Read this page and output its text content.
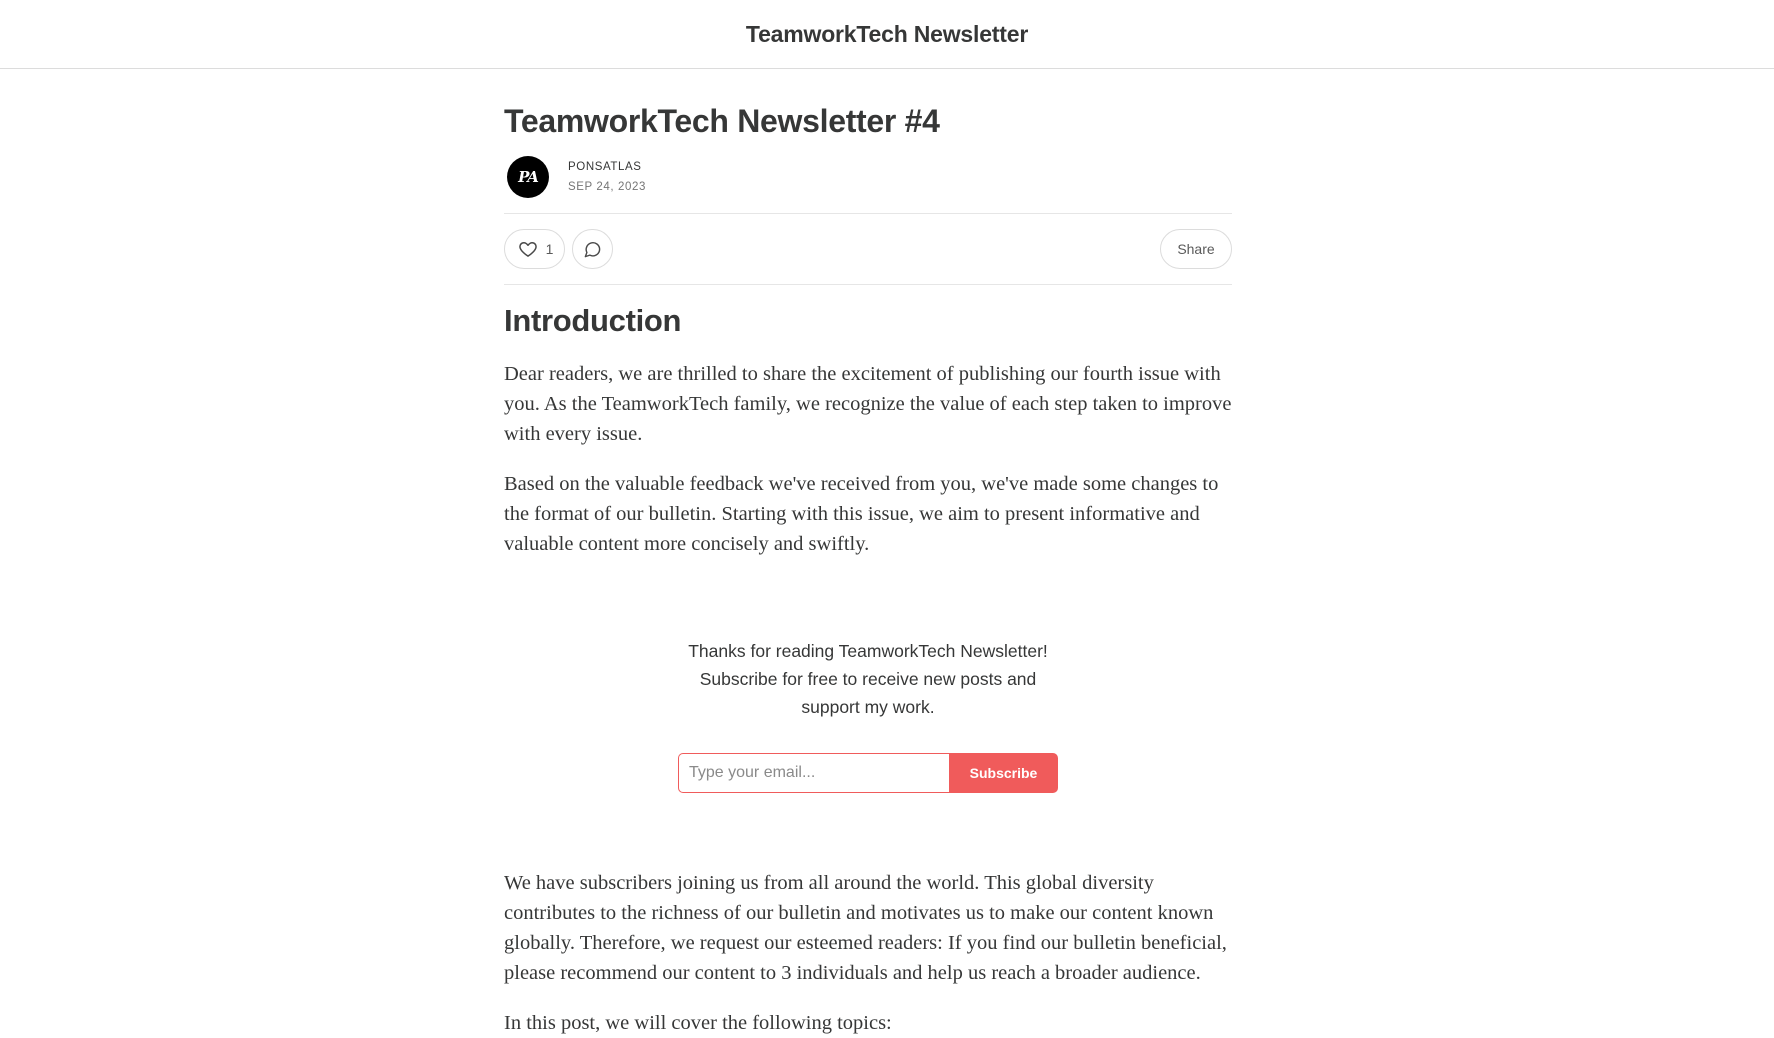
TeamworkTech Newsletter
TeamworkTech Newsletter #4
PA
PONSATLAS
SEP 24, 2023
1	Share
Introduction

Dear readers, we are thrilled to share the excitement of publishing our fourth issue with you. As the TeamworkTech family, we recognize the value of each step taken to improve with every issue.

Based on the valuable feedback we've received from you, we've made some changes to the format of our bulletin. Starting with this issue, we aim to present informative and valuable content more concisely and swiftly.

Thanks for reading TeamworkTech Newsletter! Subscribe for free to receive new posts and support my work.
Type your email...
Subscribe

We have subscribers joining us from all around the world. This global diversity contributes to the richness of our bulletin and motivates us to make our content known globally. Therefore, we request our esteemed readers: If you find our bulletin beneficial, please recommend our content to 3 individuals and help us reach a broader audience.

In this post, we will cover the following topics:
